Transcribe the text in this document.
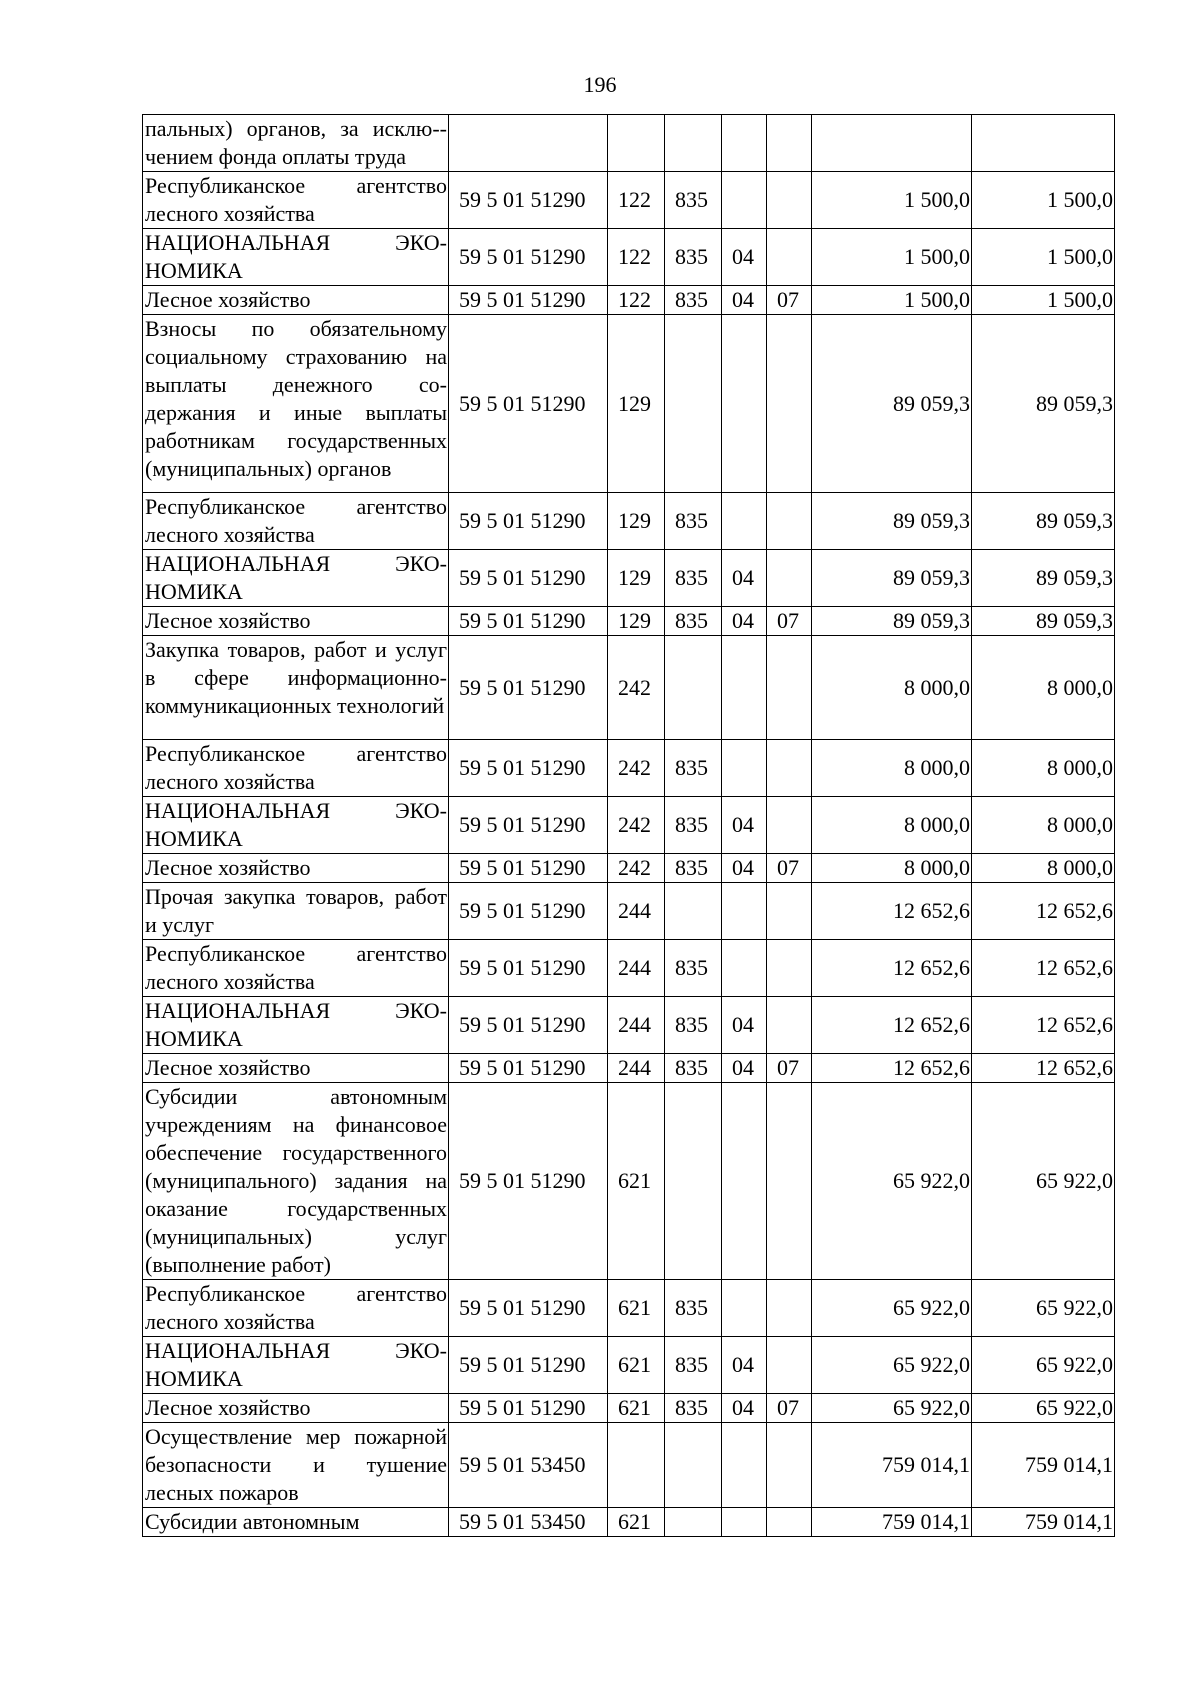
196
пальных) органов, за исклю-чением фонда оплаты труда							
Республиканское агентство лесного хозяйства	59 5 01 51290	122	835			1 500,0	1 500,0
НАЦИОНАЛЬНАЯ ЭКОНОМИКА	59 5 01 51290	122	835	04		1 500,0	1 500,0
Лесное хозяйство	59 5 01 51290	122	835	04	07	1 500,0	1 500,0
Взносы по обязательному социальному страхованию на выплаты денежного содержания и иные выплаты работникам государственных (муниципальных) органов	59 5 01 51290	129				89 059,3	89 059,3
Республиканское агентство лесного хозяйства	59 5 01 51290	129	835			89 059,3	89 059,3
НАЦИОНАЛЬНАЯ ЭКОНОМИКА	59 5 01 51290	129	835	04		89 059,3	89 059,3
Лесное хозяйство	59 5 01 51290	129	835	04	07	89 059,3	89 059,3
Закупка товаров, работ и услуг в сфере информационно-коммуникационных технологий	59 5 01 51290	242				8 000,0	8 000,0
Республиканское агентство лесного хозяйства	59 5 01 51290	242	835			8 000,0	8 000,0
НАЦИОНАЛЬНАЯ ЭКОНОМИКА	59 5 01 51290	242	835	04		8 000,0	8 000,0
Лесное хозяйство	59 5 01 51290	242	835	04	07	8 000,0	8 000,0
Прочая закупка товаров, работ и услуг	59 5 01 51290	244				12 652,6	12 652,6
Республиканское агентство лесного хозяйства	59 5 01 51290	244	835			12 652,6	12 652,6
НАЦИОНАЛЬНАЯ ЭКОНОМИКА	59 5 01 51290	244	835	04		12 652,6	12 652,6
Лесное хозяйство	59 5 01 51290	244	835	04	07	12 652,6	12 652,6
Субсидии автономным учреждениям на финансовое обеспечение государственного (муниципального) задания на оказание государственных (муниципальных) услуг (выполнение работ)	59 5 01 51290	621				65 922,0	65 922,0
Республиканское агентство лесного хозяйства	59 5 01 51290	621	835			65 922,0	65 922,0
НАЦИОНАЛЬНАЯ ЭКОНОМИКА	59 5 01 51290	621	835	04		65 922,0	65 922,0
Лесное хозяйство	59 5 01 51290	621	835	04	07	65 922,0	65 922,0
Осуществление мер пожарной безопасности и тушение лесных пожаров	59 5 01 53450					759 014,1	759 014,1
Субсидии автономным	59 5 01 53450	621				759 014,1	759 014,1
